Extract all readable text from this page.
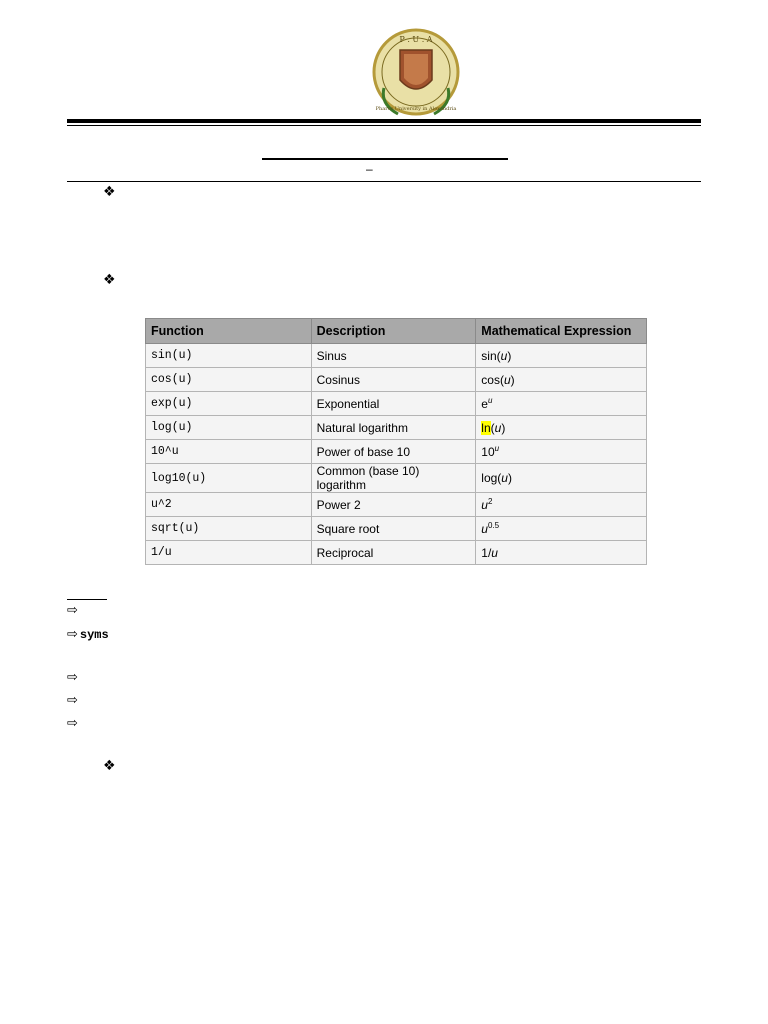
P . U . A
Pharos University in Alexandria
–
❖
❖
Function	Description	Mathematical Expression
sin(u)	Sinus	sin(u)
cos(u)	Cosinus	cos(u)
exp(u)	Exponential	$e^u$
log(u)	Natural logarithm	ln(u)
10^u	Power of base 10	10$^u$
log10(u)	Common (base 10) logarithm	log(u)
u^2	Power 2	$u^2$
sqrt(u)	Square root	$u^{0.5}$
1/u	Reciprocal	1/u
⇨
⇨ syms
⇨
⇨
⇨
❖
